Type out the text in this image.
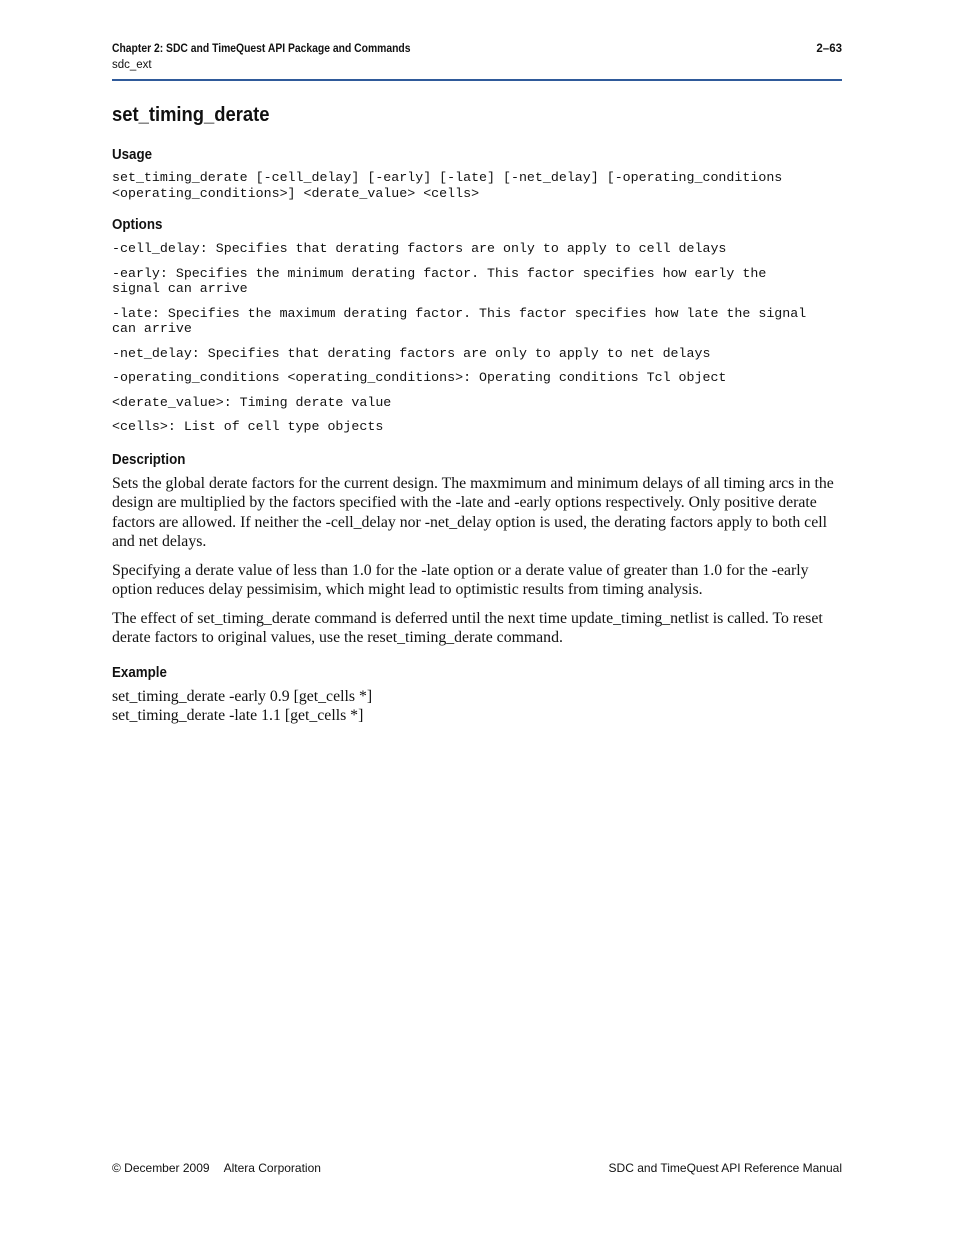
Chapter 2: SDC and TimeQuest API Package and Commands	2–63
sdc_ext
set_timing_derate
Usage

set_timing_derate [-cell_delay] [-early] [-late] [-net_delay] [-operating_conditions

<operating_conditions>] <derate_value> <cells>

Options

-cell_delay: Specifies that derating factors are only to apply to cell delays

-early: Specifies the minimum derating factor. This factor specifies how early the

signal can arrive

-late: Specifies the maximum derating factor. This factor specifies how late the signal

can arrive

-net_delay: Specifies that derating factors are only to apply to net delays

-operating_conditions <operating_conditions>: Operating conditions Tcl object

<derate_value>: Timing derate value

<cells>: List of cell type objects

Description

Sets the global derate factors for the current design. The maxmimum and minimum delays of all timing arcs in the design are multiplied by the factors specified with the -late and -early options respectively. Only positive derate factors are allowed. If neither the -cell_delay nor -net_delay option is used, the derating factors apply to both cell and net delays.

Specifying a derate value of less than 1.0 for the -late option or a derate value of greater than 1.0 for the -early option reduces delay pessimisim, which might lead to optimistic results from timing analysis.

The effect of set_timing_derate command is deferred until the next time update_timing_netlist is called. To reset derate factors to original values, use the reset_timing_derate command.

Example

set_timing_derate -early 0.9 [get_cells *]

set_timing_derate -late 1.1 [get_cells *]

© December 2009 Altera Corporation	SDC and TimeQuest API Reference Manual
